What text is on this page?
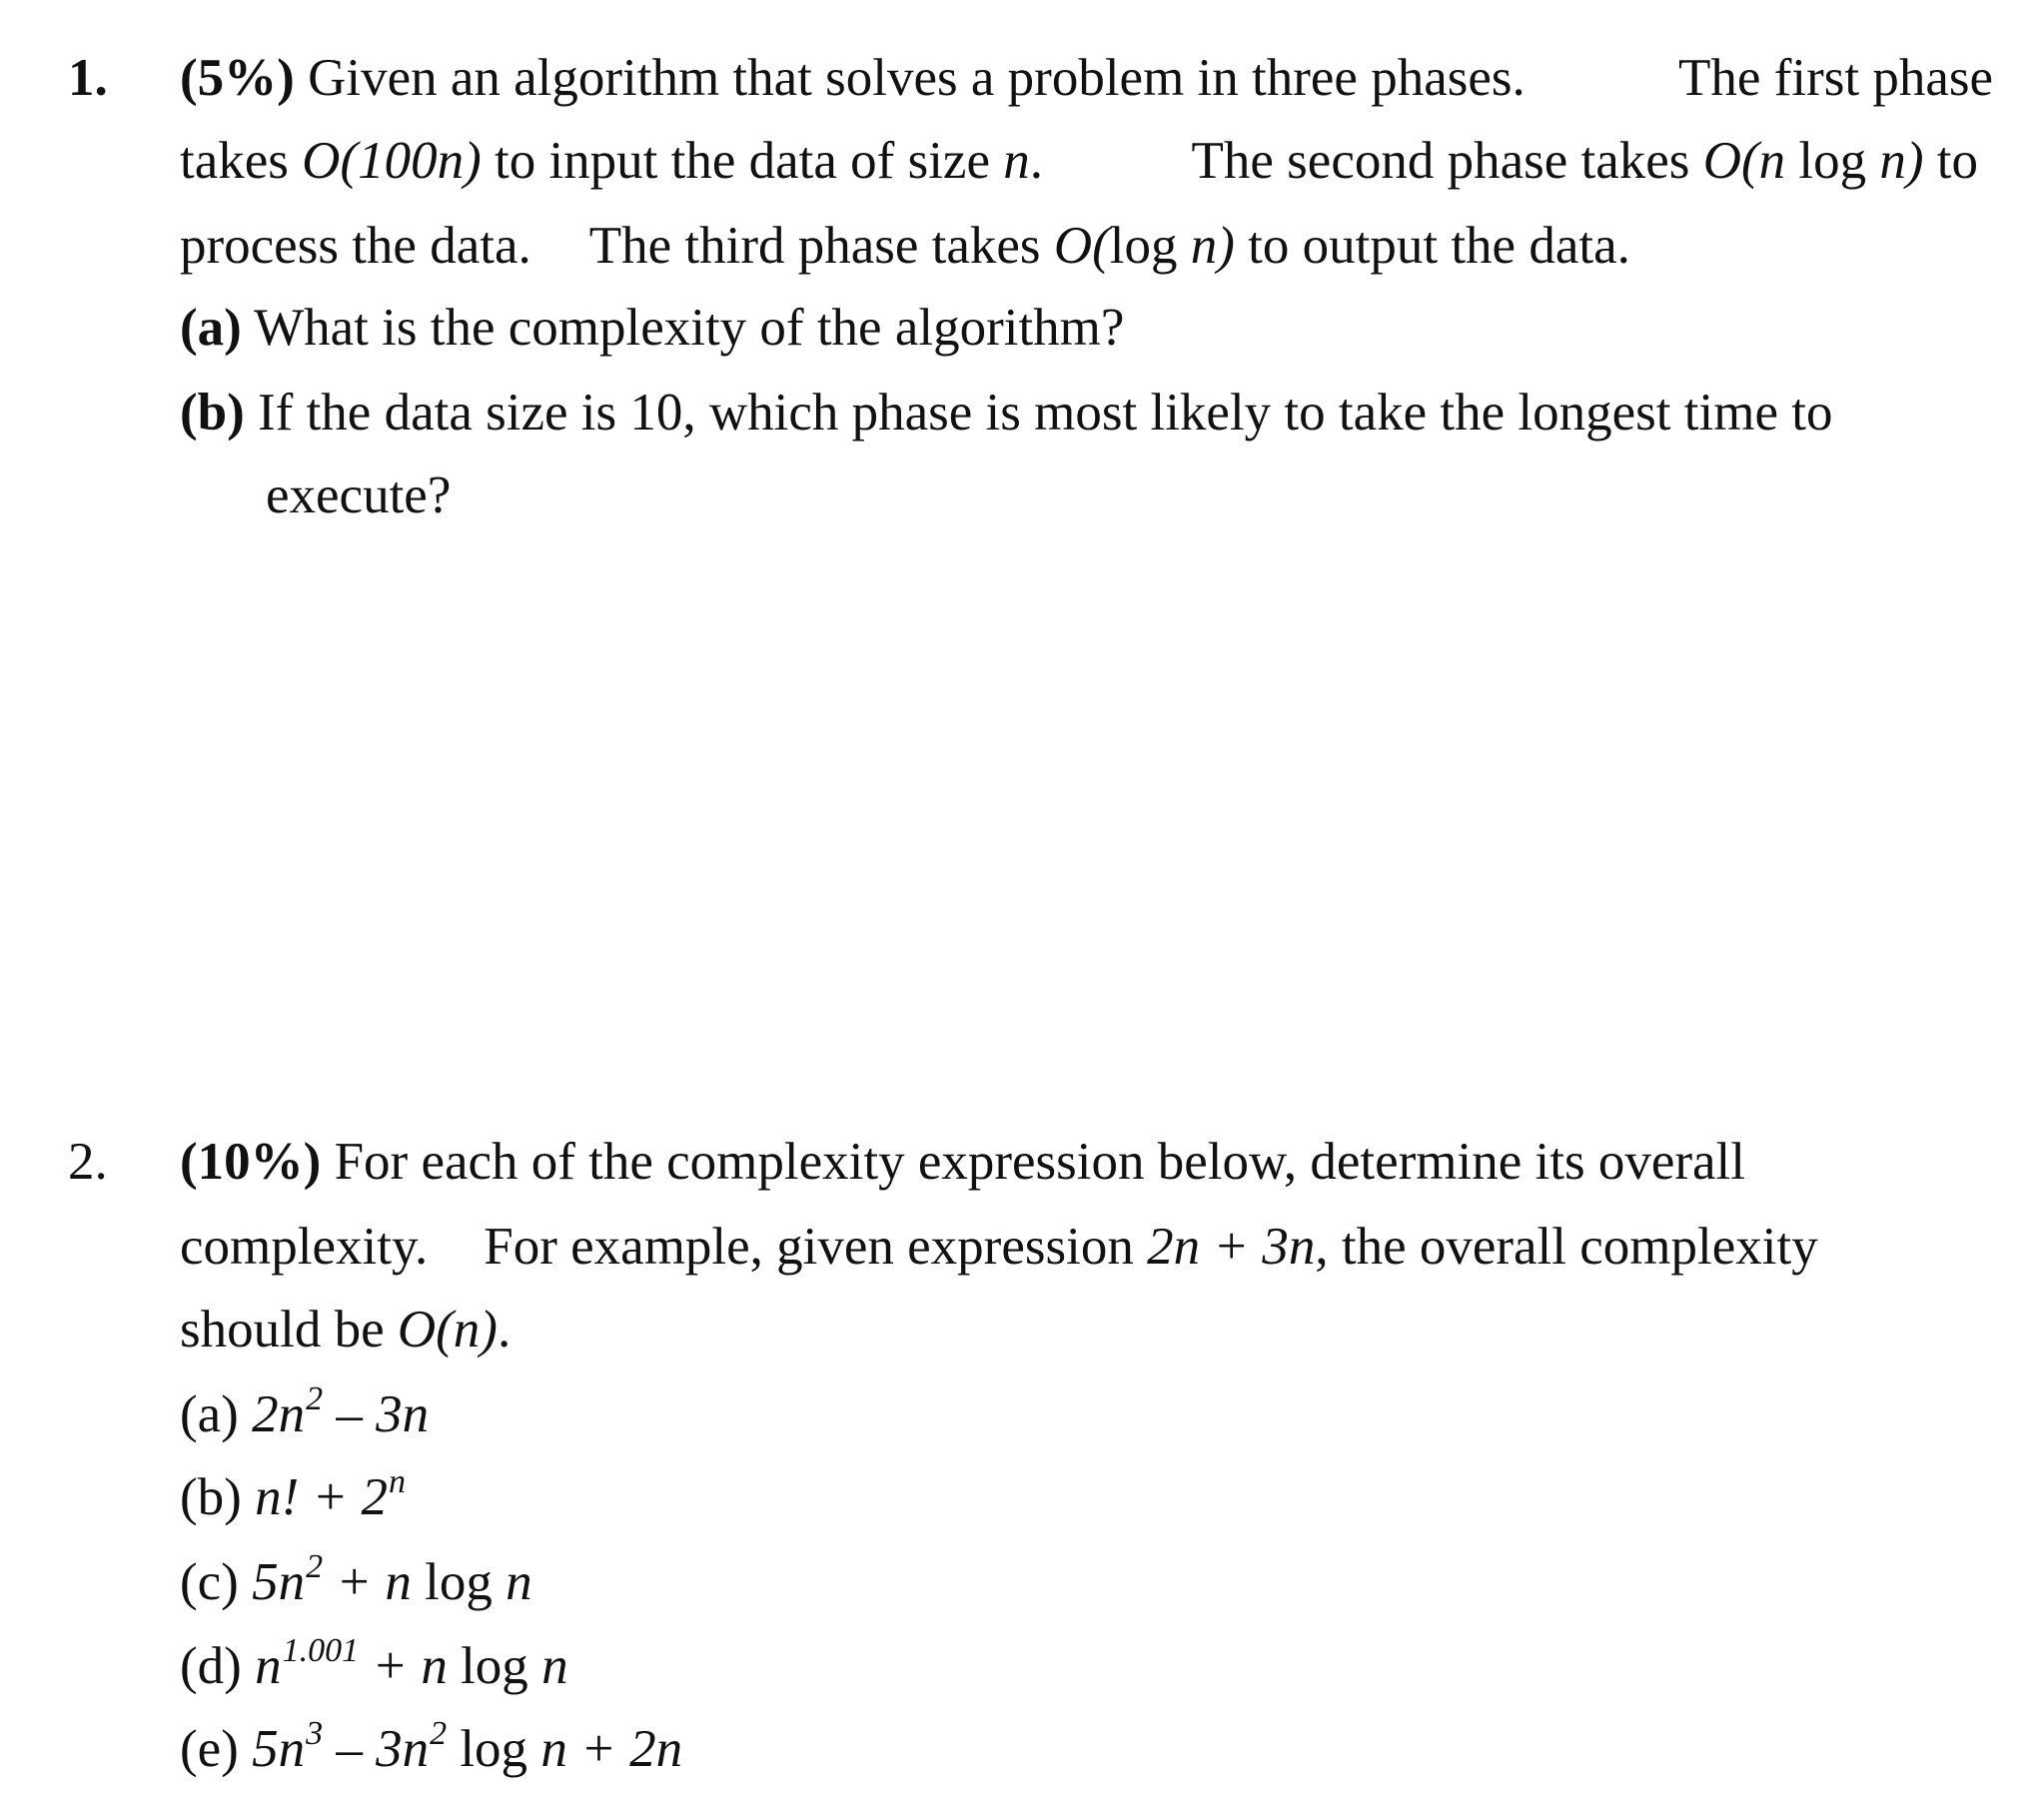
1. (5%) Given an algorithm that solves a problem in three phases.	The first phase
takes O(100n) to input the data of size n.	The second phase takes O(n log n) to
process the data. The third phase takes O(log n) to output the data.
(a) What is the complexity of the algorithm?
(b) If the data size is 10, which phase is most likely to take the longest time to
execute?
2. (10%) For each of the complexity expression below, determine its overall
complexity. For example, given expression 2n + 3n, the overall complexity
should be O(n).
(a) $2n^2 - 3n$
(b) n! + $2^n$
(c) $5n^2 + n$ log n
(d) $n^{1.001} + n$ log n
(e) $5n^3 - 3n^2$ log n + 2n
